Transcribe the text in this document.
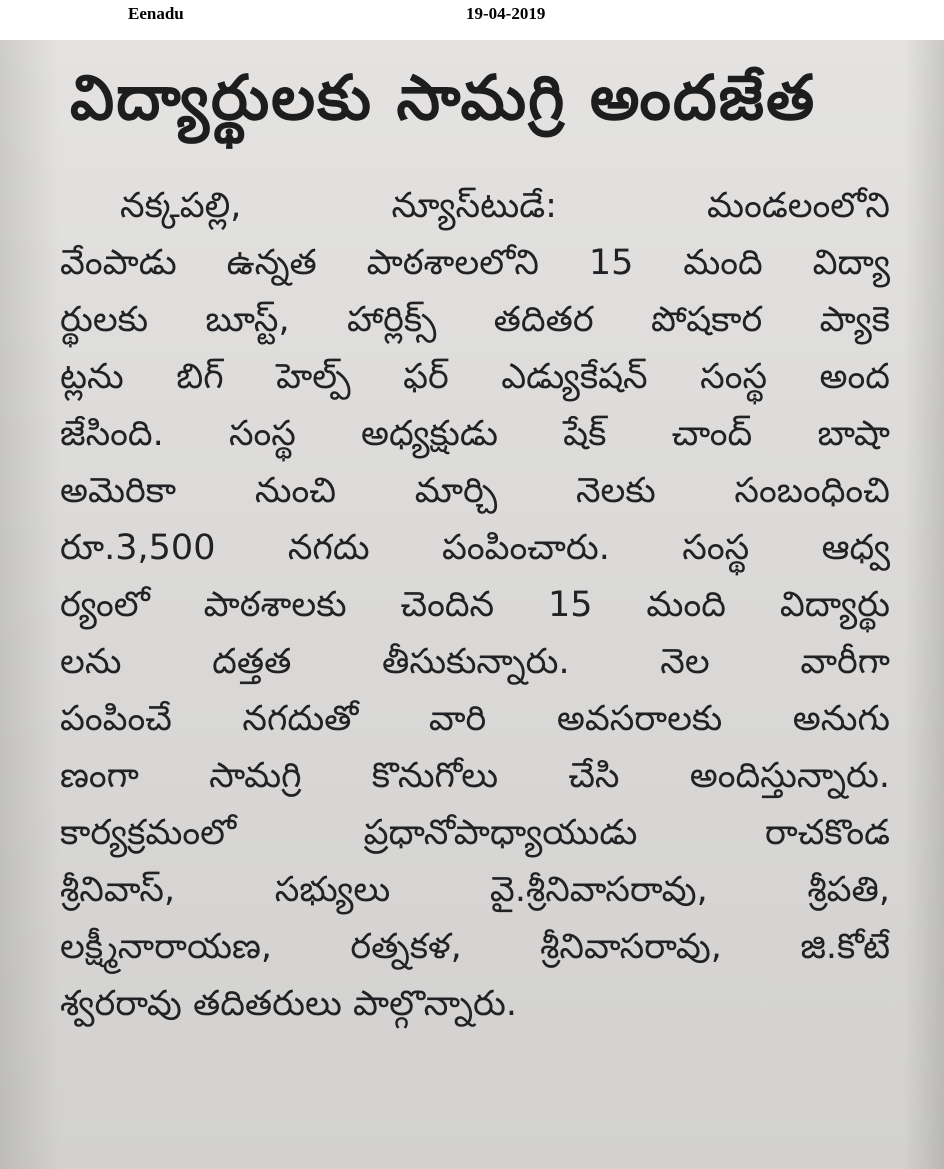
Eenadu	19-04-2019
విద్యార్థులకు సామగ్రి అందజేత
నక్కపల్లి, న్యూస్‌టుడే: మండలంలోని
వేంపాడు ఉన్నత పాఠశాలలోని 15 మంది విద్యా
ర్థులకు బూస్ట్, హార్లిక్స్ తదితర పోషకార ప్యాకె
ట్లను బిగ్ హెల్ప్ ఫర్ ఎడ్యుకేషన్ సంస్థ అంద
జేసింది. సంస్థ అధ్యక్షుడు షేక్ చాంద్ బాషా
అమెరికా నుంచి మార్చి నెలకు సంబంధించి
రూ.3,500 నగదు పంపించారు. సంస్థ ఆధ్వ
ర్యంలో పాఠశాలకు చెందిన 15 మంది విద్యార్థు
లను దత్తత తీసుకున్నారు. నెల వారీగా
పంపించే నగదుతో వారి అవసరాలకు అనుగు
ణంగా సామగ్రి కొనుగోలు చేసి అందిస్తున్నారు.
కార్యక్రమంలో ప్రధానోపాధ్యాయుడు రాచకొండ
శ్రీనివాస్, సభ్యులు వై.శ్రీనివాసరావు, శ్రీపతి,
లక్ష్మీనారాయణ, రత్నకళ, శ్రీనివాసరావు, జి.కోటే
శ్వరరావు తదితరులు పాల్గొన్నారు.
